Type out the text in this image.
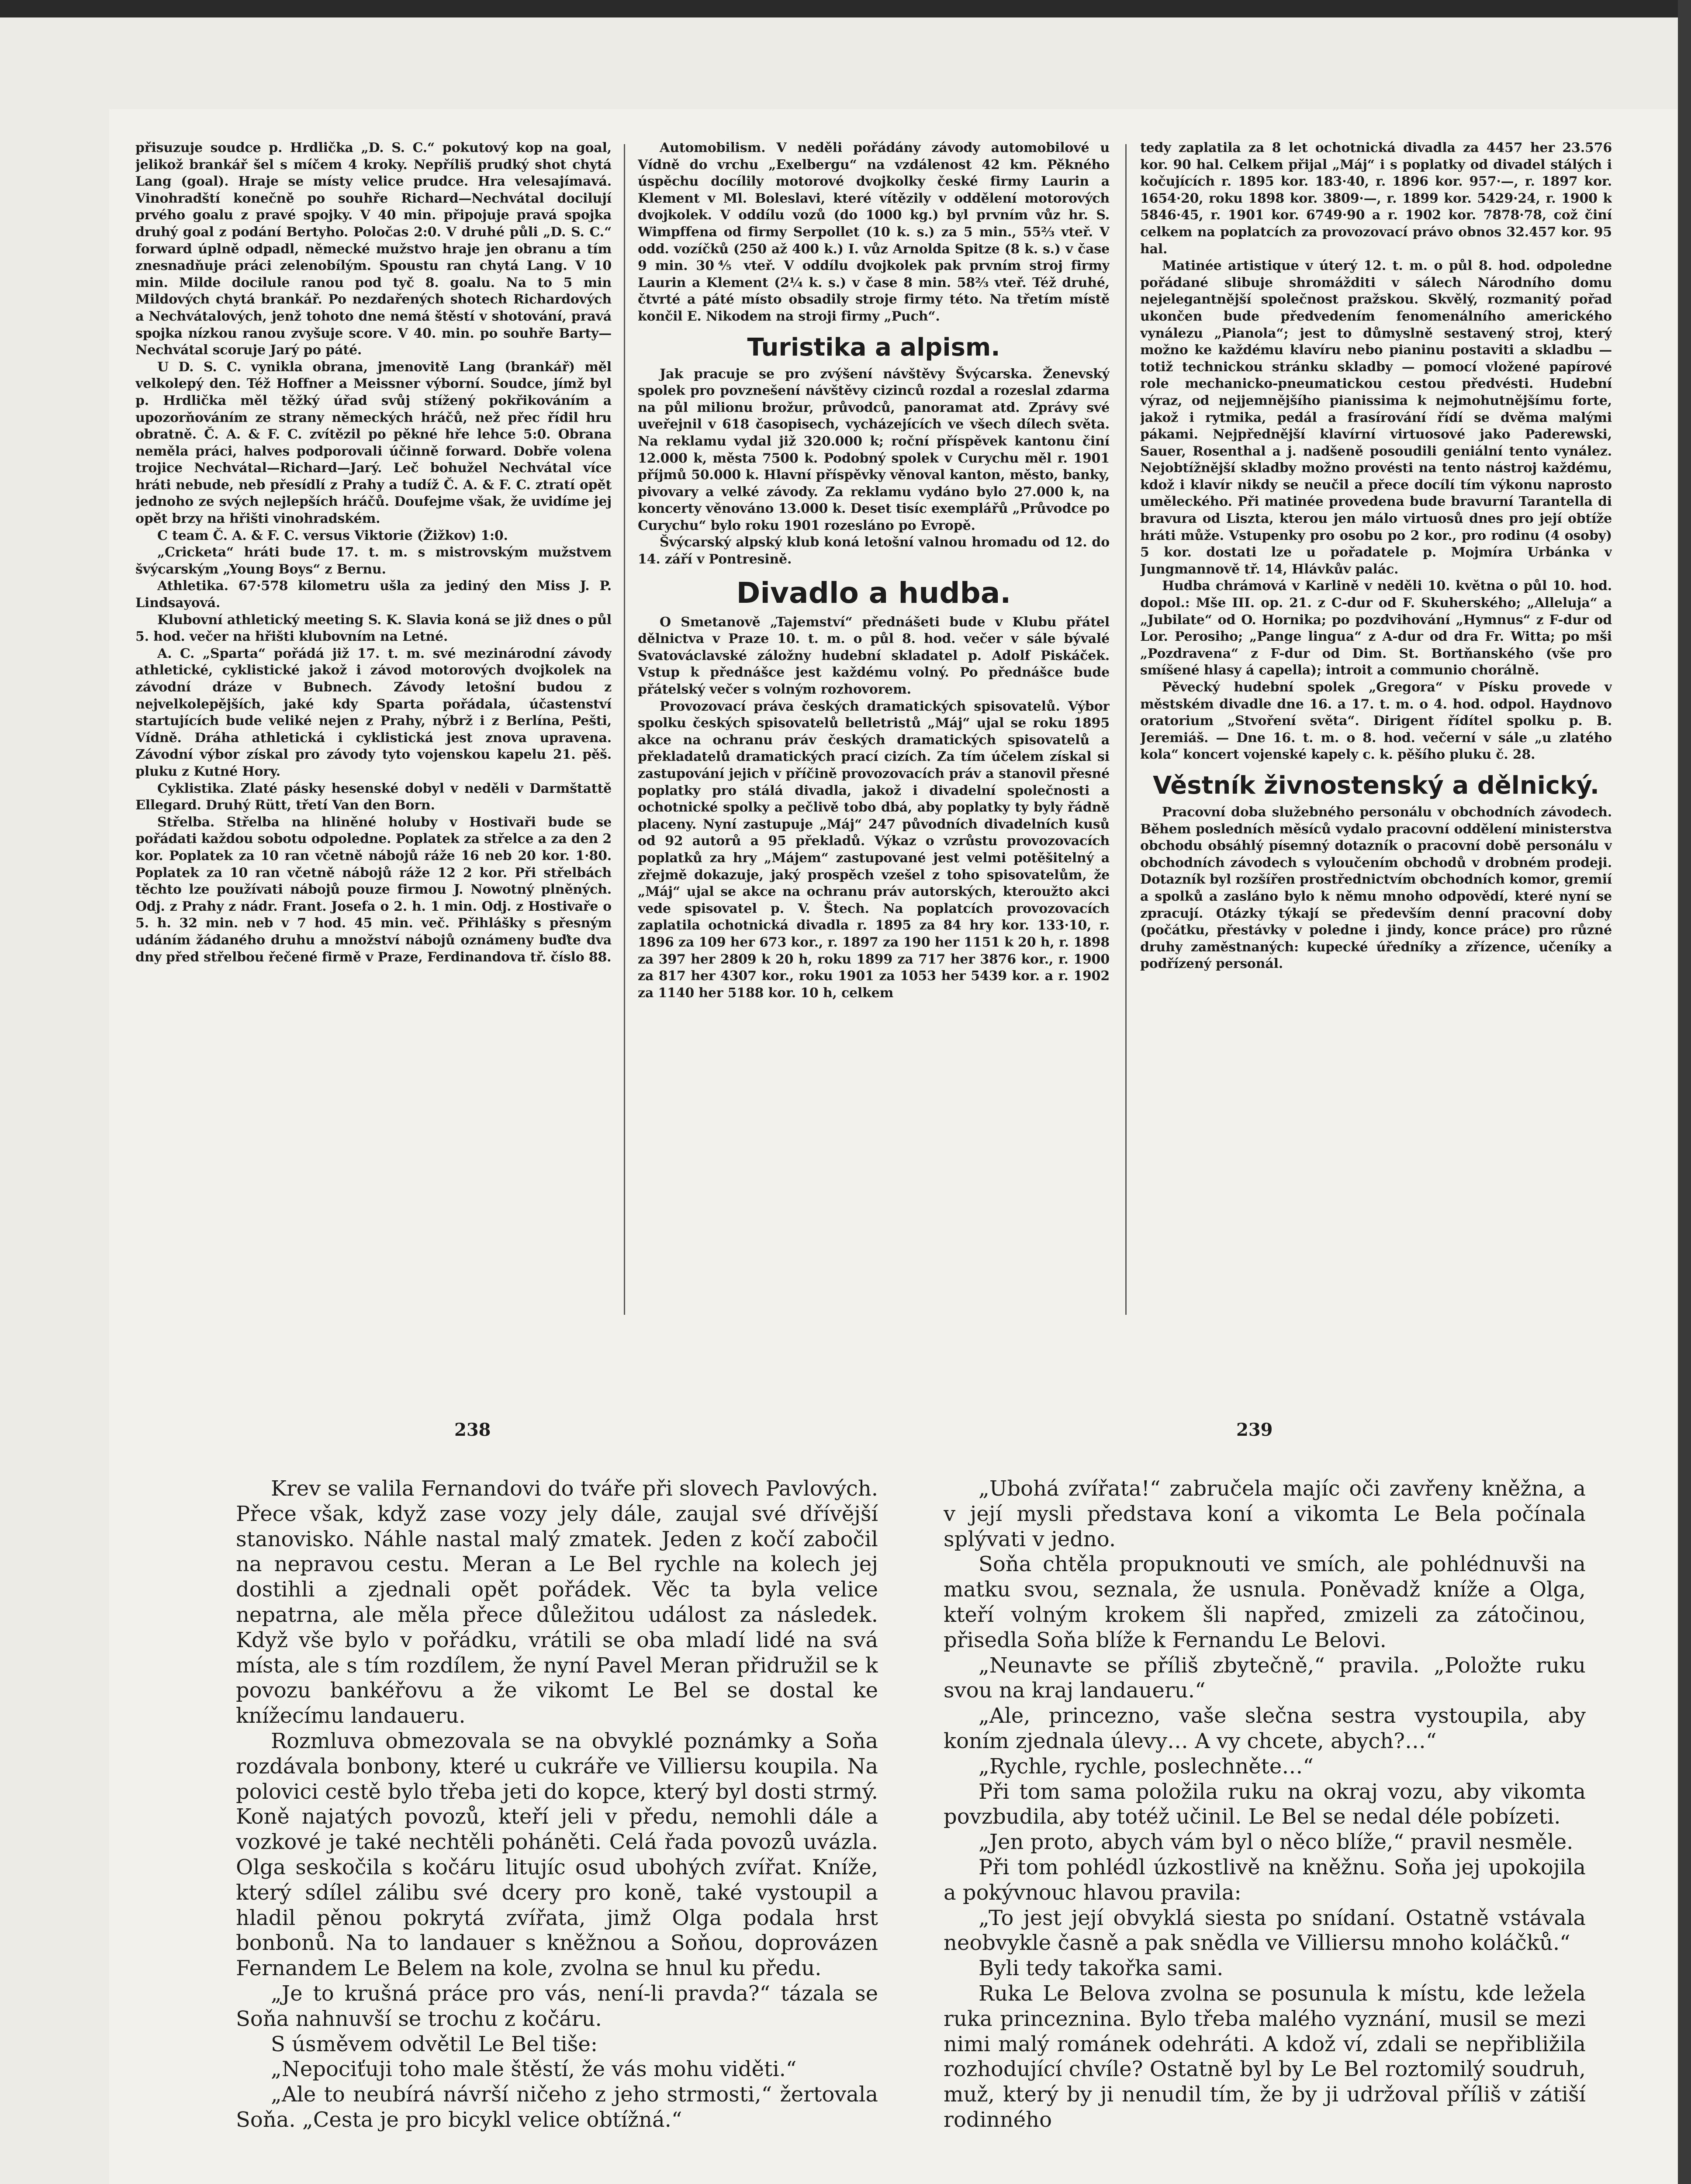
přisuzuje soudce p. Hrdlička „D. S. C.“ pokutový kop na goal, jelikož brankář šel s míčem 4 kroky. Nepříliš prudký shot chytá Lang (goal). Hraje se místy velice prudce. Hra velesajímavá. Vinohradští konečně po souhře Richard—Nechvátal docilují prvého goalu z pravé spojky. V 40 min. připojuje pravá spojka druhý goal z podání Bertyho. Poločas 2:0. V druhé půli „D. S. C.“ forward úplně odpadl, německé mužstvo hraje jen obranu a tím znesnadňuje práci zelenobílým. Spoustu ran chytá Lang. V 10 min. Milde docilule ranou pod tyč 8. goalu. Na to 5 min Mildových chytá brankář. Po nezdařených shotech Richardových a Nechvátalových, jenž tohoto dne nemá štěstí v shotování, pravá spojka nízkou ranou zvyšuje score. V 40. min. po souhře Barty—Nechvátal scoruje Jarý po páté.

U D. S. C. vynikla obrana, jmenovitě Lang (brankář) měl velkolepý den. Též Hoffner a Meissner výborní. Soudce, jímž byl p. Hrdlička měl těžký úřad svůj stížený pokřikováním a upozorňováním ze strany německých hráčů, než přec řídil hru obratně. Č. A. & F. C. zvítězil po pěkné hře lehce 5:0. Obrana neměla práci, halves podporovali účinně forward. Dobře volena trojice Nechvátal—Richard—Jarý. Leč bohužel Nechvátal více hráti nebude, neb přesídlí z Prahy a tudíž Č. A. & F. C. ztratí opět jednoho ze svých nejlepších hráčů. Doufejme však, že uvidíme jej opět brzy na hřišti vinohradském.

C team Č. A. & F. C. versus Viktorie (Žižkov) 1:0.

„Cricketa“ hráti bude 17. t. m. s mistrovským mužstvem švýcarským „Young Boys“ z Bernu.

Athletika. 67·578 kilometru ušla za jediný den Miss J. P. Lindsayová.

Klubovní athletický meeting S. K. Slavia koná se již dnes o půl 5. hod. večer na hřišti klubovním na Letné.

A. C. „Sparta“ pořádá již 17. t. m. své mezinárodní závody athletické, cyklistické jakož i závod motorových dvojkolek na závodní dráze v Bubnech. Závody letošní budou z nejvelkolepějších, jaké kdy Sparta pořádala, účastenství startujících bude veliké nejen z Prahy, nýbrž i z Berlína, Pešti, Vídně. Dráha athletická i cyklistická jest znova upravena. Závodní výbor získal pro závody tyto vojenskou kapelu 21. pěš. pluku z Kutné Hory.

Cyklistika. Zlaté pásky hesenské dobyl v neděli v Darmštattě Ellegard. Druhý Rütt, třetí Van den Born.

Střelba. Střelba na hliněné holuby v Hostivaři bude se pořádati každou sobotu odpoledne. Poplatek za střelce a za den 2 kor. Poplatek za 10 ran včetně nábojů ráže 16 neb 20 kor. 1·80. Poplatek za 10 ran včetně nábojů ráže 12 2 kor. Při střelbách těchto lze používati nábojů pouze firmou J. Nowotný plněných. Odj. z Prahy z nádr. Frant. Josefa o 2. h. 1 min. Odj. z Hostivaře o 5. h. 32 min. neb v 7 hod. 45 min. več. Přihlášky s přesným udáním žádaného druhu a množství nábojů oznámeny buďte dva dny před střelbou řečené firmě v Praze, Ferdinandova tř. číslo 88.

Automobilism. V neděli pořádány závody automobilové u Vídně do vrchu „Exelbergu“ na vzdálenost 42 km. Pěkného úspěchu docílily motorové dvojkolky české firmy Laurin a Klement v Ml. Boleslavi, které vítězily v oddělení motorových dvojkolek. V oddílu vozů (do 1000 kg.) byl prvním vůz hr. S. Wimpffena od firmy Serpollet (10 k. s.) za 5 min., 55⅔ vteř. V odd. vozíčků (250 až 400 k.) I. vůz Arnolda Spitze (8 k. s.) v čase 9 min. 30⅘ vteř. V oddílu dvojkolek pak prvním stroj firmy Laurin a Klement (2¼ k. s.) v čase 8 min. 58⅔ vteř. Též druhé, čtvrté a páté místo obsadily stroje firmy této. Na třetím místě končil E. Nikodem na stroji firmy „Puch“.

Turistika a alpism.

Jak pracuje se pro zvýšení návštěvy Švýcarska. Ženevský spolek pro povznešení návštěvy cizinců rozdal a rozeslal zdarma na půl milionu brožur, průvodců, panoramat atd. Zprávy své uveřejnil v 618 časopisech, vycházejících ve všech dílech světa. Na reklamu vydal již 320.000 k; roční příspěvek kantonu činí 12.000 k, města 7500 k. Podobný spolek v Curychu měl r. 1901 příjmů 50.000 k. Hlavní příspěvky věnoval kanton, město, banky, pivovary a velké závody. Za reklamu vydáno bylo 27.000 k, na koncerty věnováno 13.000 k. Deset tisíc exemplářů „Průvodce po Curychu“ bylo roku 1901 rozesláno po Evropě.

Švýcarský alpský klub koná letošní valnou hromadu od 12. do 14. září v Pontresině.

Divadlo a hudba.

O Smetanově „Tajemství“ přednášeti bude v Klubu přátel dělnictva v Praze 10. t. m. o půl 8. hod. večer v sále bývalé Svatováclavské záložny hudební skladatel p. Adolf Piskáček. Vstup k přednášce jest každému volný. Po přednášce bude přátelský večer s volným rozhovorem.

Provozovací práva českých dramatických spisovatelů. Výbor spolku českých spisovatelů belletristů „Máj“ ujal se roku 1895 akce na ochranu práv českých dramatických spisovatelů a překladatelů dramatických prací cizích. Za tím účelem získal si zastupování jejich v příčině provozovacích práv a stanovil přesné poplatky pro stálá divadla, jakož i divadelní společnosti a ochotnické spolky a pečlivě tobo dbá, aby poplatky ty byly řádně placeny. Nyní zastupuje „Máj“ 247 původních divadelních kusů od 92 autorů a 95 překladů. Výkaz o vzrůstu provozovacích poplatků za hry „Májem“ zastupované jest velmi potěšitelný a zřejmě dokazuje, jaký prospěch vzešel z toho spisovatelům, že „Máj“ ujal se akce na ochranu práv autorských, kteroužto akci vede spisovatel p. V. Štech. Na poplatcích provozovacích zaplatila ochotnická divadla r. 1895 za 84 hry kor. 133·10, r. 1896 za 109 her 673 kor., r. 1897 za 190 her 1151 k 20 h, r. 1898 za 397 her 2809 k 20 h, roku 1899 za 717 her 3876 kor., r. 1900 za 817 her 4307 kor., roku 1901 za 1053 her 5439 kor. a r. 1902 za 1140 her 5188 kor. 10 h, celkem

tedy zaplatila za 8 let ochotnická divadla za 4457 her 23.576 kor. 90 hal. Celkem přijal „Máj“ i s poplatky od divadel stálých i kočujících r. 1895 kor. 183·40, r. 1896 kor. 957·—, r. 1897 kor. 1654·20, roku 1898 kor. 3809·—, r. 1899 kor. 5429·24, r. 1900 k 5846·45, r. 1901 kor. 6749·90 a r. 1902 kor. 7878·78, což činí celkem na poplatcích za provozovací právo obnos 32.457 kor. 95 hal.

Matinée artistique v úterý 12. t. m. o půl 8. hod. odpoledne pořádané slibuje shromážditi v sálech Národního domu nejelegantnější společnost pražskou. Skvělý, rozmanitý pořad ukončen bude předvedením fenomenálního amerického vynálezu „Pianola“; jest to důmyslně sestavený stroj, který možno ke každému klavíru nebo pianinu postaviti a skladbu — totiž technickou stránku skladby — pomocí vložené papírové role mechanicko-pneumatickou cestou předvésti. Hudební výraz, od nejjemnějšího pianissima k nejmohutnějšímu forte, jakož i rytmika, pedál a frasírování řídí se dvěma malými pákami. Nejpřednější klavírní virtuosové jako Paderewski, Sauer, Rosenthal a j. nadšeně posoudili geniální tento vynález. Nejobtížnější skladby možno provésti na tento nástroj každému, kdož i klavír nikdy se neučil a přece docílí tím výkonu naprosto uměleckého. Při matinée provedena bude bravurní Tarantella di bravura od Liszta, kterou jen málo virtuosů dnes pro její obtíže hráti může. Vstupenky pro osobu po 2 kor., pro rodinu (4 osoby) 5 kor. dostati lze u pořadatele p. Mojmíra Urbánka v Jungmannově tř. 14, Hlávkův palác.

Hudba chrámová v Karlině v neděli 10. května o půl 10. hod. dopol.: Mše III. op. 21. z C-dur od F. Skuherského; „Alleluja“ a „Jubilate“ od O. Hornika; po pozdvihování „Hymnus“ z F-dur od Lor. Perosiho; „Pange lingua“ z A-dur od dra Fr. Witta; po mši „Pozdravena“ z F-dur od Dim. St. Bortňanského (vše pro smíšené hlasy á capella); introit a communio chorálně.

Pěvecký hudební spolek „Gregora“ v Písku provede v městském divadle dne 16. a 17. t. m. o 4. hod. odpol. Haydnovo oratorium „Stvoření světa“. Dirigent řídítel spolku p. B. Jeremiáš. — Dne 16. t. m. o 8. hod. večerní v sále „u zlatého kola“ koncert vojenské kapely c. k. pěšího pluku č. 28.

Věstník živnostenský a dělnický.

Pracovní doba služebného personálu v obchodních závodech. Během posledních měsíců vydalo pracovní oddělení ministerstva obchodu obsáhlý písemný dotazník o pracovní době personálu v obchodních závodech s vyloučením obchodů v drobném prodeji. Dotazník byl rozšířen prostřednictvím obchodních komor, gremií a spolků a zasláno bylo k němu mnoho odpovědí, které nyní se zpracují. Otázky týkají se především denní pracovní doby (počátku, přestávky v poledne i jindy, konce práce) pro různé druhy zaměstnaných: kupecké úředníky a zřízence, učeníky a podřízený personál.

238	239

Krev se valila Fernandovi do tváře při slovech Pavlových. Přece však, když zase vozy jely dále, zaujal své dřívější stanovisko. Náhle nastal malý zmatek. Jeden z kočí zabočil na nepravou cestu. Meran a Le Bel rychle na kolech jej dostihli a zjednali opět pořádek. Věc ta byla velice nepatrna, ale měla přece důležitou událost za následek. Když vše bylo v pořádku, vrátili se oba mladí lidé na svá místa, ale s tím rozdílem, že nyní Pavel Meran přidružil se k povozu bankéřovu a že vikomt Le Bel se dostal ke knížecímu landaueru.

Rozmluva obmezovala se na obvyklé poznámky a Soňa rozdávala bonbony, které u cukráře ve Villiersu koupila. Na polovici cestě bylo třeba jeti do kopce, který byl dosti strmý. Koně najatých povozů, kteří jeli v předu, nemohli dále a vozkové je také nechtěli poháněti. Celá řada povozů uvázla. Olga seskočila s kočáru litujíc osud ubohých zvířat. Kníže, který sdílel zálibu své dcery pro koně, také vystoupil a hladil pěnou pokrytá zvířata, jimž Olga podala hrst bonbonů. Na to landauer s kněžnou a Soňou, doprovázen Fernandem Le Belem na kole, zvolna se hnul ku předu.

„Je to krušná práce pro vás, není-li pravda?“ tázala se Soňa nahnuvší se trochu z kočáru.

S úsměvem odvětil Le Bel tiše:

„Nepociťuji toho male štěstí, že vás mohu viděti.“

„Ale to neubírá návrší ničeho z jeho strmosti,“ žertovala Soňa. „Cesta je pro bicykl velice obtížná.“

„Ubohá zvířata!“ zabručela majíc oči zavřeny kněžna, a v její mysli představa koní a vikomta Le Bela počínala splývati v jedno.

Soňa chtěla propuknouti ve smích, ale pohlédnuvši na matku svou, seznala, že usnula. Poněvadž kníže a Olga, kteří volným krokem šli napřed, zmizeli za zátočinou, přisedla Soňa blíže k Fernandu Le Belovi.

„Neunavte se příliš zbytečně,“ pravila. „Položte ruku svou na kraj landaueru.“

„Ale, princezno, vaše slečna sestra vystoupila, aby koním zjednala úlevy… A vy chcete, abych?…“

„Rychle, rychle, poslechněte…“

Při tom sama položila ruku na okraj vozu, aby vikomta povzbudila, aby totéž učinil. Le Bel se nedal déle pobízeti.

„Jen proto, abych vám byl o něco blíže,“ pravil nesměle.

Při tom pohlédl úzkostlivě na kněžnu. Soňa jej upokojila a pokývnouc hlavou pravila:

„To jest její obvyklá siesta po snídaní. Ostatně vstávala neobvykle časně a pak snědla ve Villiersu mnoho koláčků.“

Byli tedy takořka sami.

Ruka Le Belova zvolna se posunula k místu, kde ležela ruka princeznina. Bylo třeba malého vyznání, musil se mezi nimi malý románek odehráti. A kdož ví, zdali se nepřibližila rozhodující chvíle? Ostatně byl by Le Bel roztomilý soudruh, muž, který by ji nenudil tím, že by ji udržoval příliš v zátiší rodinného
